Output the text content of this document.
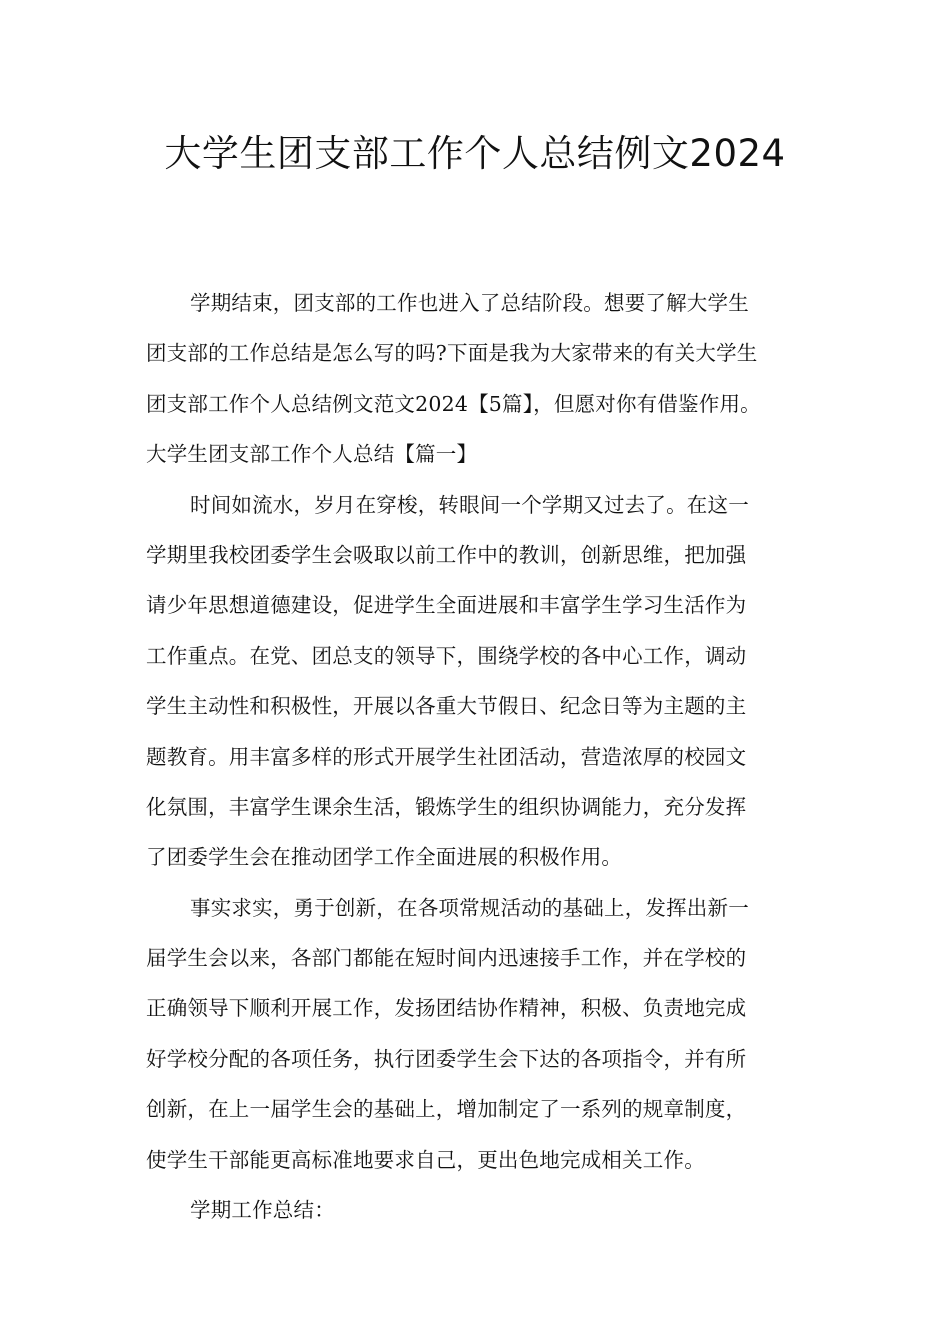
大学生团支部工作个人总结例文2024
学期结束，团支部的工作也进入了总结阶段。想要了解大学生
团支部的工作总结是怎么写的吗?下面是我为大家带来的有关大学生
团支部工作个人总结例文范文2024【5篇】，但愿对你有借鉴作用。
大学生团支部工作个人总结【篇一】
时间如流水，岁月在穿梭，转眼间一个学期又过去了。在这一
学期里我校团委学生会吸取以前工作中的教训，创新思维，把加强
请少年思想道德建设，促进学生全面进展和丰富学生学习生活作为
工作重点。在党、团总支的领导下，围绕学校的各中心工作，调动
学生主动性和积极性，开展以各重大节假日、纪念日等为主题的主
题教育。用丰富多样的形式开展学生社团活动，营造浓厚的校园文
化氛围，丰富学生课余生活，锻炼学生的组织协调能力，充分发挥
了团委学生会在推动团学工作全面进展的积极作用。
事实求实，勇于创新，在各项常规活动的基础上，发挥出新一
届学生会以来，各部门都能在短时间内迅速接手工作，并在学校的
正确领导下顺利开展工作，发扬团结协作精神，积极、负责地完成
好学校分配的各项任务，执行团委学生会下达的各项指令，并有所
创新，在上一届学生会的基础上，增加制定了一系列的规章制度，
使学生干部能更高标准地要求自己，更出色地完成相关工作。
学期工作总结：
